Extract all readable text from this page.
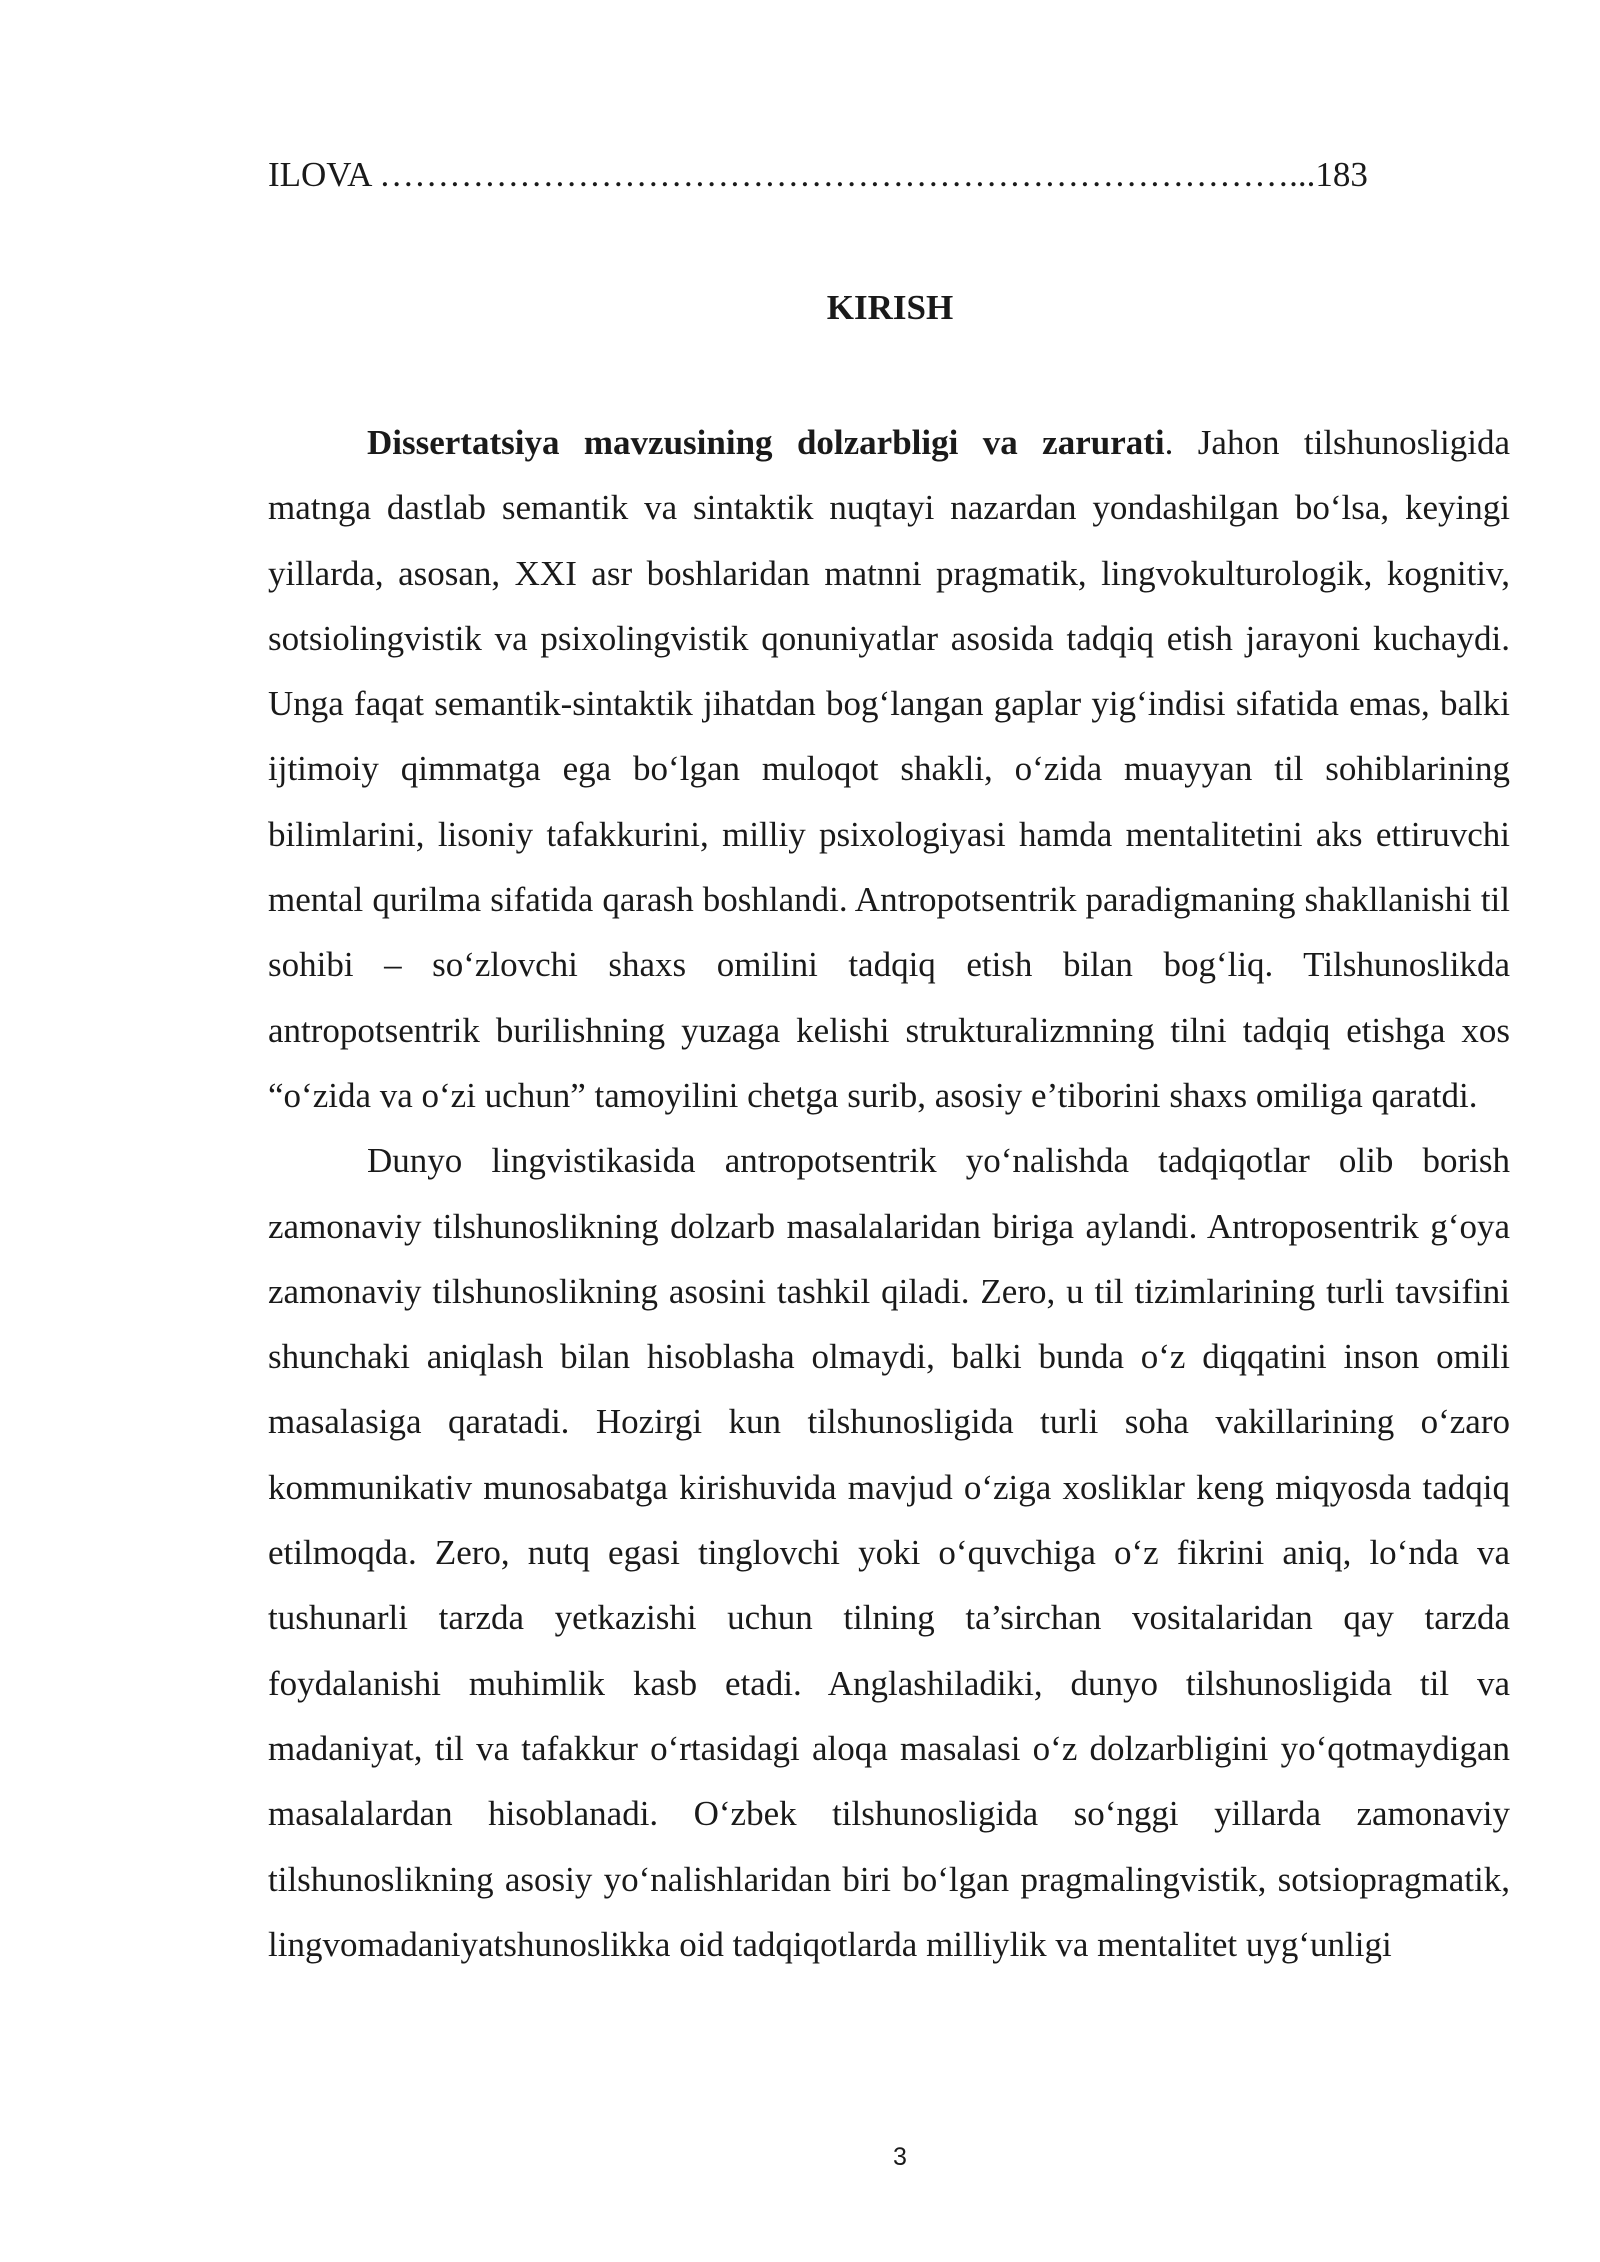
ILOVA ……………………………………………………………………...183
KIRISH

Dissertatsiya mavzusining dolzarbligi va zarurati. Jahon tilshunosligida matnga dastlab semantik va sintaktik nuqtayi nazardan yondashilgan bo‘lsa, keyingi yillarda, asosan, XXI asr boshlaridan matnni pragmatik, lingvokulturologik, kognitiv, sotsiolingvistik va psixolingvistik qonuniyatlar asosida tadqiq etish jarayoni kuchaydi. Unga faqat semantik-sintaktik jihatdan bog‘langan gaplar yig‘indisi sifatida emas, balki ijtimoiy qimmatga ega bo‘lgan muloqot shakli, o‘zida muayyan til sohiblarining bilimlarini, lisoniy tafakkurini, milliy psixologiyasi hamda mentalitetini aks ettiruvchi mental qurilma sifatida qarash boshlandi. Antropotsentrik paradigmaning shakllanishi til sohibi – so‘zlovchi shaxs omilini tadqiq etish bilan bog‘liq. Tilshunoslikda antropotsentrik burilishning yuzaga kelishi strukturalizmning tilni tadqiq etishga xos “o‘zida va o‘zi uchun” tamoyilini chetga surib, asosiy e’tiborini shaxs omiliga qaratdi.

Dunyo lingvistikasida antropotsentrik yo‘nalishda tadqiqotlar olib borish zamonaviy tilshunoslikning dolzarb masalalaridan biriga aylandi. Antroposentrik g‘oya zamonaviy tilshunoslikning asosini tashkil qiladi. Zero, u til tizimlarining turli tavsifini shunchaki aniqlash bilan hisoblasha olmaydi, balki bunda o‘z diqqatini inson omili masalasiga qaratadi. Hozirgi kun tilshunosligida turli soha vakillarining o‘zaro kommunikativ munosabatga kirishuvida mavjud o‘ziga xosliklar keng miqyosda tadqiq etilmoqda. Zero, nutq egasi tinglovchi yoki o‘quvchiga o‘z fikrini aniq, lo‘nda va tushunarli tarzda yetkazishi uchun tilning ta’sirchan vositalaridan qay tarzda foydalanishi muhimlik kasb etadi. Anglashiladiki, dunyo tilshunosligida til va madaniyat, til va tafakkur o‘rtasidagi aloqa masalasi o‘z dolzarbligini yo‘qotmaydigan masalalardan hisoblanadi. O‘zbek tilshunosligida so‘nggi yillarda zamonaviy tilshunoslikning asosiy yo‘nalishlaridan biri bo‘lgan pragmalingvistik, sotsiopragmatik, lingvomadaniyatshunoslikka oid tadqiqotlarda milliylik va mentalitet uyg‘unligi

3
